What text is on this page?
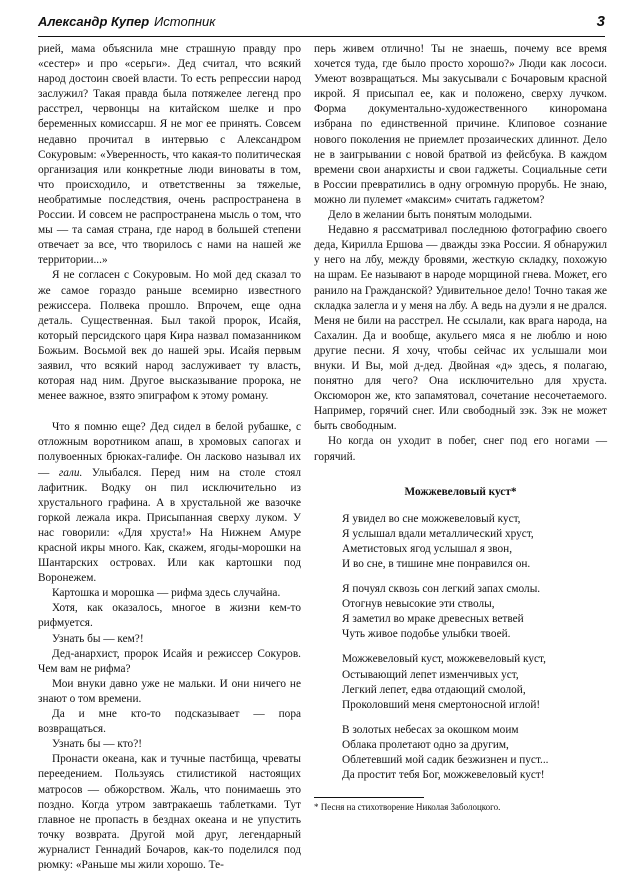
Александр Купер Истопник	3

рией, мама объяснила мне страшную правду про «сестер» и про «серьги». Дед считал, что всякий народ достоин своей власти. То есть репрессии народ заслужил? Такая правда была потяжелее легенд про расстрел, червонцы на китайском шелке и про беременных комиссарш. Я не мог ее принять. Совсем недавно прочитал в интервью с Александром Сокуровым: «Уверенность, что какая-то политическая организация или конкретные люди виноваты в том, что происходило, и ответственны за тяжелые, необратимые последствия, очень распространена в России. И совсем не распространена мысль о том, что мы — та самая страна, где народ в большей степени отвечает за все, что творилось с нами на нашей же территории...»

Я не согласен с Сокуровым. Но мой дед сказал то же самое гораздо раньше всемирно известного режиссера. Полвека прошло. Впрочем, еще одна деталь. Существенная. Был такой пророк, Исайя, который персидского царя Кира назвал помазанником Божьим. Восьмой век до нашей эры. Исайя первым заявил, что всякий народ заслуживает ту власть, которая над ним. Другое высказывание пророка, не менее важное, взято эпиграфом к этому роману.

Что я помню еще? Дед сидел в белой рубашке, с отложным воротником апаш, в хромовых сапогах и полувоенных брюках-галифе. Он ласково называл их — гали. Улыбался. Перед ним на столе стоял лафитник. Водку он пил исключительно из хрустального графина. А в хрустальной же вазочке горкой лежала икра. Присыпанная сверху луком. У нас говорили: «Для хруста!» На Нижнем Амуре красной икры много. Как, скажем, ягоды-морошки на Шантарских островах. Или как картошки под Воронежем.

Картошка и морошка — рифма здесь случайна.

Хотя, как оказалось, многое в жизни кем-то рифмуется.

Узнать бы — кем?!

Дед-анархист, пророк Исайя и режиссер Сокуров. Чем вам не рифма?

Мои внуки давно уже не мальки. И они ничего не знают о том времени.

Да и мне кто-то подсказывает — пора возвращаться.

Узнать бы — кто?!

Пронасти океана, как и тучные пастбища, чреваты переедением. Пользуясь стилистикой настоящих матросов — обжорством. Жаль, что понимаешь это поздно. Когда утром завтракаешь таблетками. Тут главное не пропасть в безднах океана и не упустить точку возврата. Другой мой друг, легендарный журналист Геннадий Бочаров, как-то поделился под рюмку: «Раньше мы жили хорошо. Те-

перь живем отлично! Ты не знаешь, почему все время хочется туда, где было просто хорошо?» Люди как лососи. Умеют возвращаться. Мы закусывали с Бочаровым красной икрой. Я присыпал ее, как и положено, сверху лучком. Форма документально-художественного кинороманa избрана по единственной причине. Клиповое сознание нового поколения не приемлет прозаических длиннот. Дело не в заигрывании с новой братвой из фейсбука. В каждом времени свои анархисты и свои гаджеты. Социальные сети в России превратились в одну огромную прорубь. Не знаю, можно ли пулемет «максим» считать гаджетом?

Дело в желании быть понятым молодыми.

Недавно я рассматривал последнюю фотографию своего деда, Кирилла Ершова — дважды зэка России. Я обнаружил у него на лбу, между бровями, жесткую складку, похожую на шрам. Ее называют в народе морщиной гнева. Может, его ранило на Гражданской? Удивительное дело! Точно такая же складка залегла и у меня на лбу. А ведь на дуэли я не дрался. Меня не били на расстрел. Не ссылали, как врага народа, на Сахалин. Да и вообще, акульего мяса я не люблю и ною другие песни. Я хочу, чтобы сейчас их услышали мои внуки. И Вы, мой д-дед. Двойная «д» здесь, я полагаю, понятно для чего? Она исключительно для хруста. Оксюморон же, кто запамятовал, сочетание несочетаемого. Например, горячий снег. Или свободный зэк. Зэк не может быть свободным.

Но когда он уходит в побег, снег под его ногами — горячий.

Можжевеловый куст*
Я увидел во сне можжевеловый куст,
Я услышал вдали металлический хруст,
Аметистовых ягод услышал я звон,
И во сне, в тишине мне понравился он.
Я почуял сквозь сон легкий запах смолы.
Отогнув невысокие эти стволы,
Я заметил во мраке древесных ветвей
Чуть живое подобье улыбки твоей.
Можжевеловый куст, можжевеловый куст,
Остывающий лепет изменчивых уст,
Легкий лепет, едва отдающий смолой,
Проколовший меня смертоносной иглой!
В золотых небесах за окошком моим
Облака пролетают одно за другим,
Облетевший мой садик безжизнен и пуст...
Да простит тебя Бог, можжевеловый куст!
* Песня на стихотворение Николая Заболоцкого.
